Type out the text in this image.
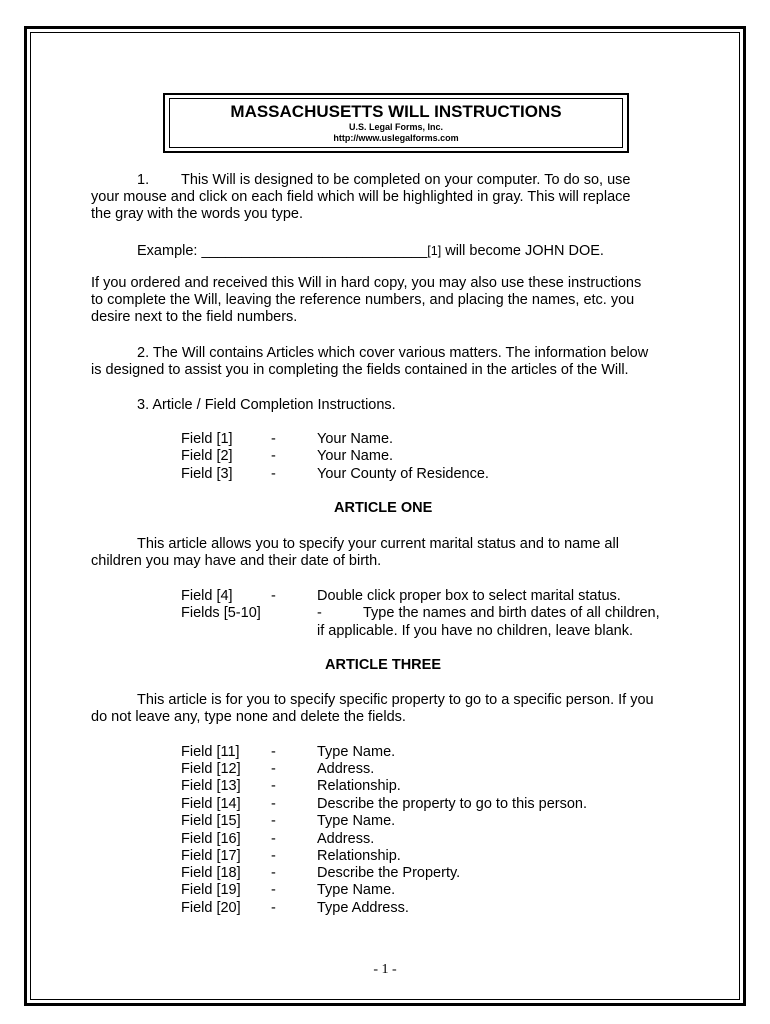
MASSACHUSETTS WILL INSTRUCTIONS
U.S. Legal Forms, Inc.
http://www.uslegalforms.com
1. This Will is designed to be completed on your computer. To do so, use
your mouse and click on each field which will be highlighted in gray. This will replace
the gray with the words you type.
Example: ____________________________[1] will become JOHN DOE.
If you ordered and received this Will in hard copy, you may also use these instructions
to complete the Will, leaving the reference numbers, and placing the names, etc. you
desire next to the field numbers.
2. The Will contains Articles which cover various matters. The information below
is designed to assist you in completing the fields contained in the articles of the Will.
3. Article / Field Completion Instructions.
Field [1]	-	Your Name.
Field [2]	-	Your Name.
Field [3]	-	Your County of Residence.
ARTICLE ONE
This article allows you to specify your current marital status and to name all
children you may have and their date of birth.
Field [4]	-	Double click proper box to select marital status.
Fields [5-10]	-	Type the names and birth dates of all children,
if applicable. If you have no children, leave blank.
ARTICLE THREE
This article is for you to specify specific property to go to a specific person. If you
do not leave any, type none and delete the fields.
Field [11] -	Type Name.
Field [12] -	Address.
Field [13] -	Relationship.
Field [14] -	Describe the property to go to this person.
Field [15] -	Type Name.
Field [16] -	Address.
Field [17] -	Relationship.
Field [18] -	Describe the Property.
Field [19] -	Type Name.
Field [20] -	Type Address.
- 1 -
